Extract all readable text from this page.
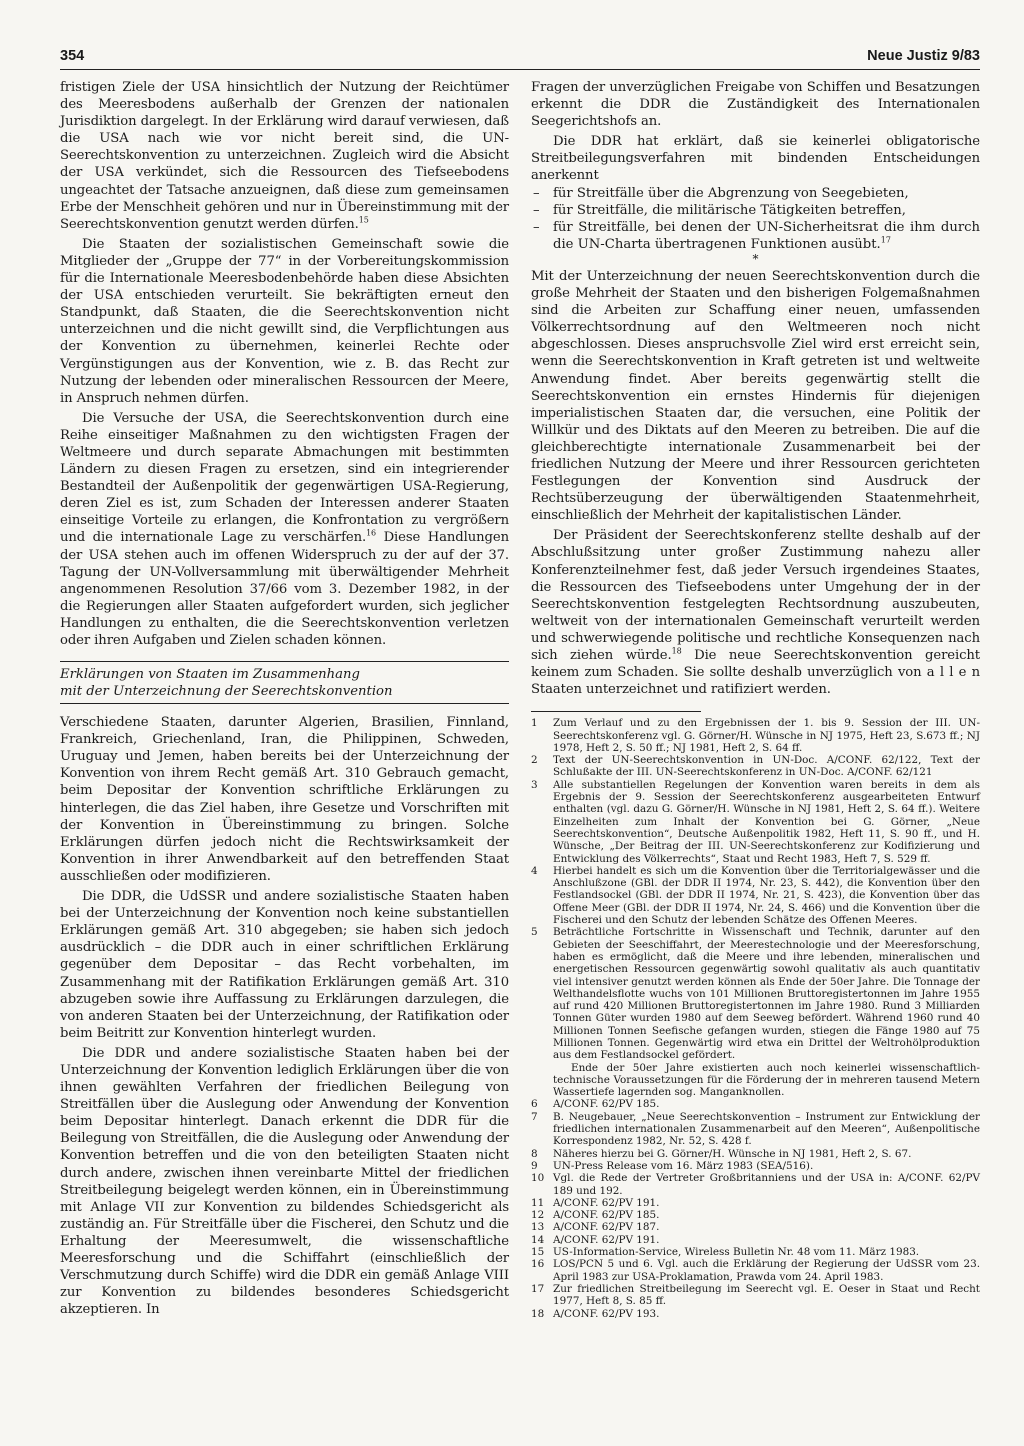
354	Neue Justiz 9/83

fristigen Ziele der USA hinsichtlich der Nutzung der Reichtümer des Meeresbodens außerhalb der Grenzen der nationalen Jurisdiktion dargelegt. In der Erklärung wird darauf verwiesen, daß die USA nach wie vor nicht bereit sind, die UN-Seerechtskonvention zu unterzeichnen. Zugleich wird die Absicht der USA verkündet, sich die Ressourcen des Tiefseebodens ungeachtet der Tatsache anzueignen, daß diese zum gemeinsamen Erbe der Menschheit gehören und nur in Übereinstimmung mit der Seerechtskonvention genutzt werden dürfen.$^{15}$

Die Staaten der sozialistischen Gemeinschaft sowie die Mitglieder der „Gruppe der 77“ in der Vorbereitungskommission für die Internationale Meeresbodenbehörde haben diese Absichten der USA entschieden verurteilt. Sie bekräftigten erneut den Standpunkt, daß Staaten, die die Seerechtskonvention nicht unterzeichnen und die nicht gewillt sind, die Verpflichtungen aus der Konvention zu übernehmen, keinerlei Rechte oder Vergünstigungen aus der Konvention, wie z. B. das Recht zur Nutzung der lebenden oder mineralischen Ressourcen der Meere, in Anspruch nehmen dürfen.

Die Versuche der USA, die Seerechtskonvention durch eine Reihe einseitiger Maßnahmen zu den wichtigsten Fragen der Weltmeere und durch separate Abmachungen mit bestimmten Ländern zu diesen Fragen zu ersetzen, sind ein integrierender Bestandteil der Außenpolitik der gegenwärtigen USA-Regierung, deren Ziel es ist, zum Schaden der Interessen anderer Staaten einseitige Vorteile zu erlangen, die Konfrontation zu vergrößern und die internationale Lage zu verschärfen.$^{16}$ Diese Handlungen der USA stehen auch im offenen Widerspruch zu der auf der 37. Tagung der UN-Vollversammlung mit überwältigender Mehrheit angenommenen Resolution 37/66 vom 3. Dezember 1982, in der die Regierungen aller Staaten aufgefordert wurden, sich jeglicher Handlungen zu enthalten, die die Seerechtskonvention verletzen oder ihren Aufgaben und Zielen schaden können.

Erklärungen von Staaten im Zusammenhang
mit der Unterzeichnung der Seerechtskonvention

Verschiedene Staaten, darunter Algerien, Brasilien, Finnland, Frankreich, Griechenland, Iran, die Philippinen, Schweden, Uruguay und Jemen, haben bereits bei der Unterzeichnung der Konvention von ihrem Recht gemäß Art. 310 Gebrauch gemacht, beim Depositar der Konvention schriftliche Erklärungen zu hinterlegen, die das Ziel haben, ihre Gesetze und Vorschriften mit der Konvention in Übereinstimmung zu bringen. Solche Erklärungen dürfen jedoch nicht die Rechtswirksamkeit der Konvention in ihrer Anwendbarkeit auf den betreffenden Staat ausschließen oder modifizieren.

Die DDR, die UdSSR und andere sozialistische Staaten haben bei der Unterzeichnung der Konvention noch keine substantiellen Erklärungen gemäß Art. 310 abgegeben; sie haben sich jedoch ausdrücklich – die DDR auch in einer schriftlichen Erklärung gegenüber dem Depositar – das Recht vorbehalten, im Zusammenhang mit der Ratifikation Erklärungen gemäß Art. 310 abzugeben sowie ihre Auffassung zu Erklärungen darzulegen, die von anderen Staaten bei der Unterzeichnung, der Ratifikation oder beim Beitritt zur Konvention hinterlegt wurden.

Die DDR und andere sozialistische Staaten haben bei der Unterzeichnung der Konvention lediglich Erklärungen über die von ihnen gewählten Verfahren der friedlichen Beilegung von Streitfällen über die Auslegung oder Anwendung der Konvention beim Depositar hinterlegt. Danach erkennt die DDR für die Beilegung von Streitfällen, die die Auslegung oder Anwendung der Konvention betreffen und die von den beteiligten Staaten nicht durch andere, zwischen ihnen vereinbarte Mittel der friedlichen Streitbeilegung beigelegt werden können, ein in Übereinstimmung mit Anlage VII zur Konvention zu bildendes Schiedsgericht als zuständig an. Für Streitfälle über die Fischerei, den Schutz und die Erhaltung der Meeresumwelt, die wissenschaftliche Meeresforschung und die Schiffahrt (einschließlich der Verschmutzung durch Schiffe) wird die DDR ein gemäß Anlage VIII zur Konvention zu bildendes besonderes Schiedsgericht akzeptieren. In

Fragen der unverzüglichen Freigabe von Schiffen und Besatzungen erkennt die DDR die Zuständigkeit des Internationalen Seegerichtshofs an.

Die DDR hat erklärt, daß sie keinerlei obligatorische Streitbeilegungsverfahren mit bindenden Entscheidungen anerkennt

– für Streitfälle über die Abgrenzung von Seegebieten,
– für Streitfälle, die militärische Tätigkeiten betreffen,
– für Streitfälle, bei denen der UN-Sicherheitsrat die ihm durch die UN-Charta übertragenen Funktionen ausübt.$^{17}$
*

Mit der Unterzeichnung der neuen Seerechtskonvention durch die große Mehrheit der Staaten und den bisherigen Folgemaßnahmen sind die Arbeiten zur Schaffung einer neuen, umfassenden Völkerrechtsordnung auf den Weltmeeren noch nicht abgeschlossen. Dieses anspruchsvolle Ziel wird erst erreicht sein, wenn die Seerechtskonvention in Kraft getreten ist und weltweite Anwendung findet. Aber bereits gegenwärtig stellt die Seerechtskonvention ein ernstes Hindernis für diejenigen imperialistischen Staaten dar, die versuchen, eine Politik der Willkür und des Diktats auf den Meeren zu betreiben. Die auf die gleichberechtigte internationale Zusammenarbeit bei der friedlichen Nutzung der Meere und ihrer Ressourcen gerichteten Festlegungen der Konvention sind Ausdruck der Rechtsüberzeugung der überwältigenden Staatenmehrheit, einschließlich der Mehrheit der kapitalistischen Länder.

Der Präsident der Seerechtskonferenz stellte deshalb auf der Abschlußsitzung unter großer Zustimmung nahezu aller Konferenzteilnehmer fest, daß jeder Versuch irgendeines Staates, die Ressourcen des Tiefseebodens unter Umgehung der in der Seerechtskonvention festgelegten Rechtsordnung auszubeuten, weltweit von der internationalen Gemeinschaft verurteilt werden und schwerwiegende politische und rechtliche Konsequenzen nach sich ziehen würde.$^{18}$ Die neue Seerechtskonvention gereicht keinem zum Schaden. Sie sollte deshalb unverzüglich von a l l e n Staaten unterzeichnet und ratifiziert werden.

1	Zum Verlauf und zu den Ergebnissen der 1. bis 9. Session der III. UN-Seerechtskonferenz vgl. G. Görner/H. Wünsche in NJ 1975, Heft 23, S.673 ff.; NJ 1978, Heft 2, S. 50 ff.; NJ 1981, Heft 2, S. 64 ff.
2	Text der UN-Seerechtskonvention in UN-Doc. A/CONF. 62/122, Text der Schlußakte der III. UN-Seerechtskonferenz in UN-Doc. A/CONF. 62/121
3	Alle substantiellen Regelungen der Konvention waren bereits in dem als Ergebnis der 9. Session der Seerechtskonferenz ausgearbeiteten Entwurf enthalten (vgl. dazu G. Görner/H. Wünsche in NJ 1981, Heft 2, S. 64 ff.). Weitere Einzelheiten zum Inhalt der Konvention bei G. Görner, „Neue Seerechtskonvention“, Deutsche Außenpolitik 1982, Heft 11, S. 90 ff., und H. Wünsche, „Der Beitrag der III. UN-Seerechtskonferenz zur Kodifizierung und Entwicklung des Völkerrechts“, Staat und Recht 1983, Heft 7, S. 529 ff.
4	Hierbei handelt es sich um die Konvention über die Territorialgewässer und die Anschlußzone (GBl. der DDR II 1974, Nr. 23, S. 442), die Konvention über den Festlandsockel (GBl. der DDR II 1974, Nr. 21, S. 423), die Konvention über das Offene Meer (GBl. der DDR II 1974, Nr. 24, S. 466) und die Konvention über die Fischerei und den Schutz der lebenden Schätze des Offenen Meeres.
5	Beträchtliche Fortschritte in Wissenschaft und Technik, darunter auf den Gebieten der Seeschiffahrt, der Meerestechnologie und der Meeresforschung, haben es ermöglicht, daß die Meere und ihre lebenden, mineralischen und energetischen Ressourcen gegenwärtig sowohl qualitativ als auch quantitativ viel intensiver genutzt werden können als Ende der 50er Jahre. Die Tonnage der Welthandelsflotte wuchs von 101 Millionen Bruttoregistertonnen im Jahre 1955 auf rund 420 Millionen Bruttoregistertonnen im Jahre 1980. Rund 3 Milliarden Tonnen Güter wurden 1980 auf dem Seeweg befördert. Während 1960 rund 40 Millionen Tonnen Seefische gefangen wurden, stiegen die Fänge 1980 auf 75 Millionen Tonnen. Gegenwärtig wird etwa ein Drittel der Weltrohölproduktion aus dem Festlandsockel gefördert.
Ende der 50er Jahre existierten auch noch keinerlei wissenschaftlich-technische Voraussetzungen für die Förderung der in mehreren tausend Metern Wassertiefe lagernden sog. Manganknollen.
6	A/CONF. 62/PV 185.
7	B. Neugebauer, „Neue Seerechtskonvention – Instrument zur Entwicklung der friedlichen internationalen Zusammenarbeit auf den Meeren“, Außenpolitische Korrespondenz 1982, Nr. 52, S. 428 f.
8	Näheres hierzu bei G. Görner/H. Wünsche in NJ 1981, Heft 2, S. 67.
9	UN-Press Release vom 16. März 1983 (SEA/516).
10 Vgl. die Rede der Vertreter Großbritanniens und der USA in: A/CONF. 62/PV 189 und 192.
11 A/CONF. 62/PV 191.
12 A/CONF. 62/PV 185.
13 A/CONF. 62/PV 187.
14 A/CONF. 62/PV 191.
15 US-Information-Service, Wireless Bulletin Nr. 48 vom 11. März 1983.
16 LOS/PCN 5 und 6. Vgl. auch die Erklärung der Regierung der UdSSR vom 23. April 1983 zur USA-Proklamation, Prawda vom 24. April 1983.
17 Zur friedlichen Streitbeilegung im Seerecht vgl. E. Oeser in Staat und Recht 1977, Heft 8, S. 85 ff.
18 A/CONF. 62/PV 193.
